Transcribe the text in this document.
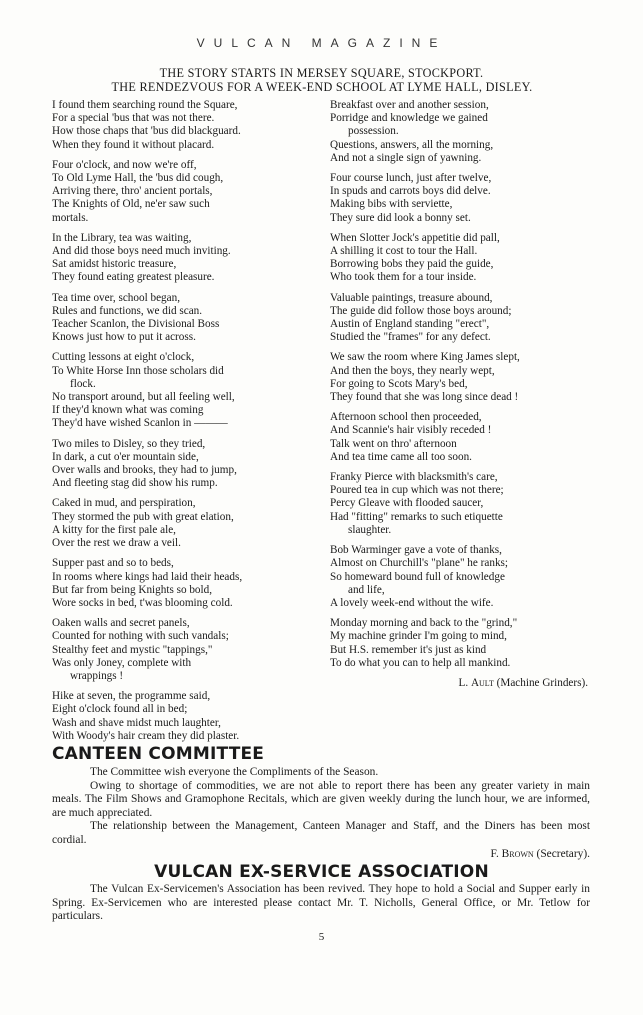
VULCAN MAGAZINE
THE STORY STARTS IN MERSEY SQUARE, STOCKPORT.
THE RENDEZVOUS FOR A WEEK-END SCHOOL AT LYME HALL, DISLEY.
I found them searching round the Square,
For a special 'bus that was not there.
How those chaps that 'bus did blackguard.
When they found it without placard.
Four o'clock, and now we're off,
To Old Lyme Hall, the 'bus did cough,
Arriving there, thro' ancient portals,
The Knights of Old, ne'er saw such
mortals.
In the Library, tea was waiting,
And did those boys need much inviting.
Sat amidst historic treasure,
They found eating greatest pleasure.
Tea time over, school began,
Rules and functions, we did scan.
Teacher Scanlon, the Divisional Boss
Knows just how to put it across.
Cutting lessons at eight o'clock,
To White Horse Inn those scholars did
flock.
No transport around, but all feeling well,
If they'd known what was coming
They'd have wished Scanlon in ———
Two miles to Disley, so they tried,
In dark, a cut o'er mountain side,
Over walls and brooks, they had to jump,
And fleeting stag did show his rump.
Caked in mud, and perspiration,
They stormed the pub with great elation,
A kitty for the first pale ale,
Over the rest we draw a veil.
Supper past and so to beds,
In rooms where kings had laid their heads,
But far from being Knights so bold,
Wore socks in bed, t'was blooming cold.
Oaken walls and secret panels,
Counted for nothing with such vandals;
Stealthy feet and mystic "tappings,"
Was only Joney, complete with
wrappings !
Hike at seven, the programme said,
Eight o'clock found all in bed;
Wash and shave midst much laughter,
With Woody's hair cream they did plaster.
Breakfast over and another session,
Porridge and knowledge we gained
possession.
Questions, answers, all the morning,
And not a single sign of yawning.
Four course lunch, just after twelve,
In spuds and carrots boys did delve.
Making bibs with serviette,
They sure did look a bonny set.
When Slotter Jock's appetitie did pall,
A shilling it cost to tour the Hall.
Borrowing bobs they paid the guide,
Who took them for a tour inside.
Valuable paintings, treasure abound,
The guide did follow those boys around;
Austin of England standing "erect",
Studied the "frames" for any defect.
We saw the room where King James slept,
And then the boys, they nearly wept,
For going to Scots Mary's bed,
They found that she was long since dead !
Afternoon school then proceeded,
And Scannie's hair visibly receded !
Talk went on thro' afternoon
And tea time came all too soon.
Franky Pierce with blacksmith's care,
Poured tea in cup which was not there;
Percy Gleave with flooded saucer,
Had "fitting" remarks to such etiquette
slaughter.
Bob Warminger gave a vote of thanks,
Almost on Churchill's "plane" he ranks;
So homeward bound full of knowledge
and life,
A lovely week-end without the wife.
Monday morning and back to the "grind,"
My machine grinder I'm going to mind,
But H.S. remember it's just as kind
To do what you can to help all mankind.
L. Ault (Machine Grinders).
CANTEEN COMMITTEE

The Committee wish everyone the Compliments of the Season.

Owing to shortage of commodities, we are not able to report there has been any greater variety in main meals. The Film Shows and Gramophone Recitals, which are given weekly during the lunch hour, we are informed, are much appreciated.

The relationship between the Management, Canteen Manager and Staff, and the Diners has been most cordial.

F. Brown (Secretary).
VULCAN EX-SERVICE ASSOCIATION

The Vulcan Ex-Servicemen's Association has been revived. They hope to hold a Social and Supper early in Spring. Ex-Servicemen who are interested please contact Mr. T. Nicholls, General Office, or Mr. Tetlow for particulars.

5
